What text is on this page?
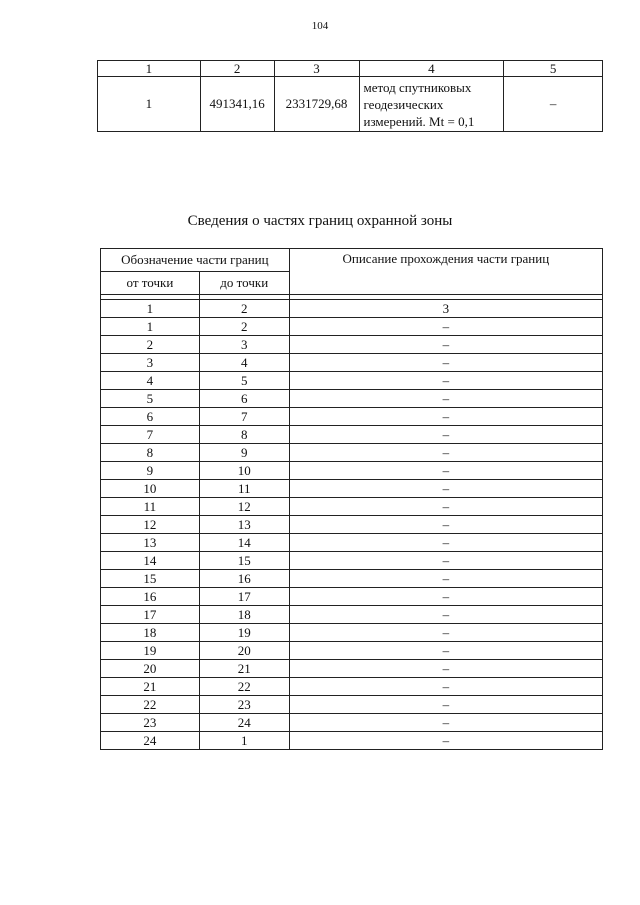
104
1	2	3	4	5
1	491341,16	2331729,68	метод спутниковых
геодезических
измерений. Mt = 0,1	–
Сведения о частях границ охранной зоны
Обозначение части границ		Описание прохождения части границ
от точки	до точки	

1	2	3
1	2	–
2	3	–
3	4	–
4	5	–
5	6	–
6	7	–
7	8	–
8	9	–
9	10	–
10	11	–
11	12	–
12	13	–
13	14	–
14	15	–
15	16	–
16	17	–
17	18	–
18	19	–
19	20	–
20	21	–
21	22	–
22	23	–
23	24	–
24	1	–
